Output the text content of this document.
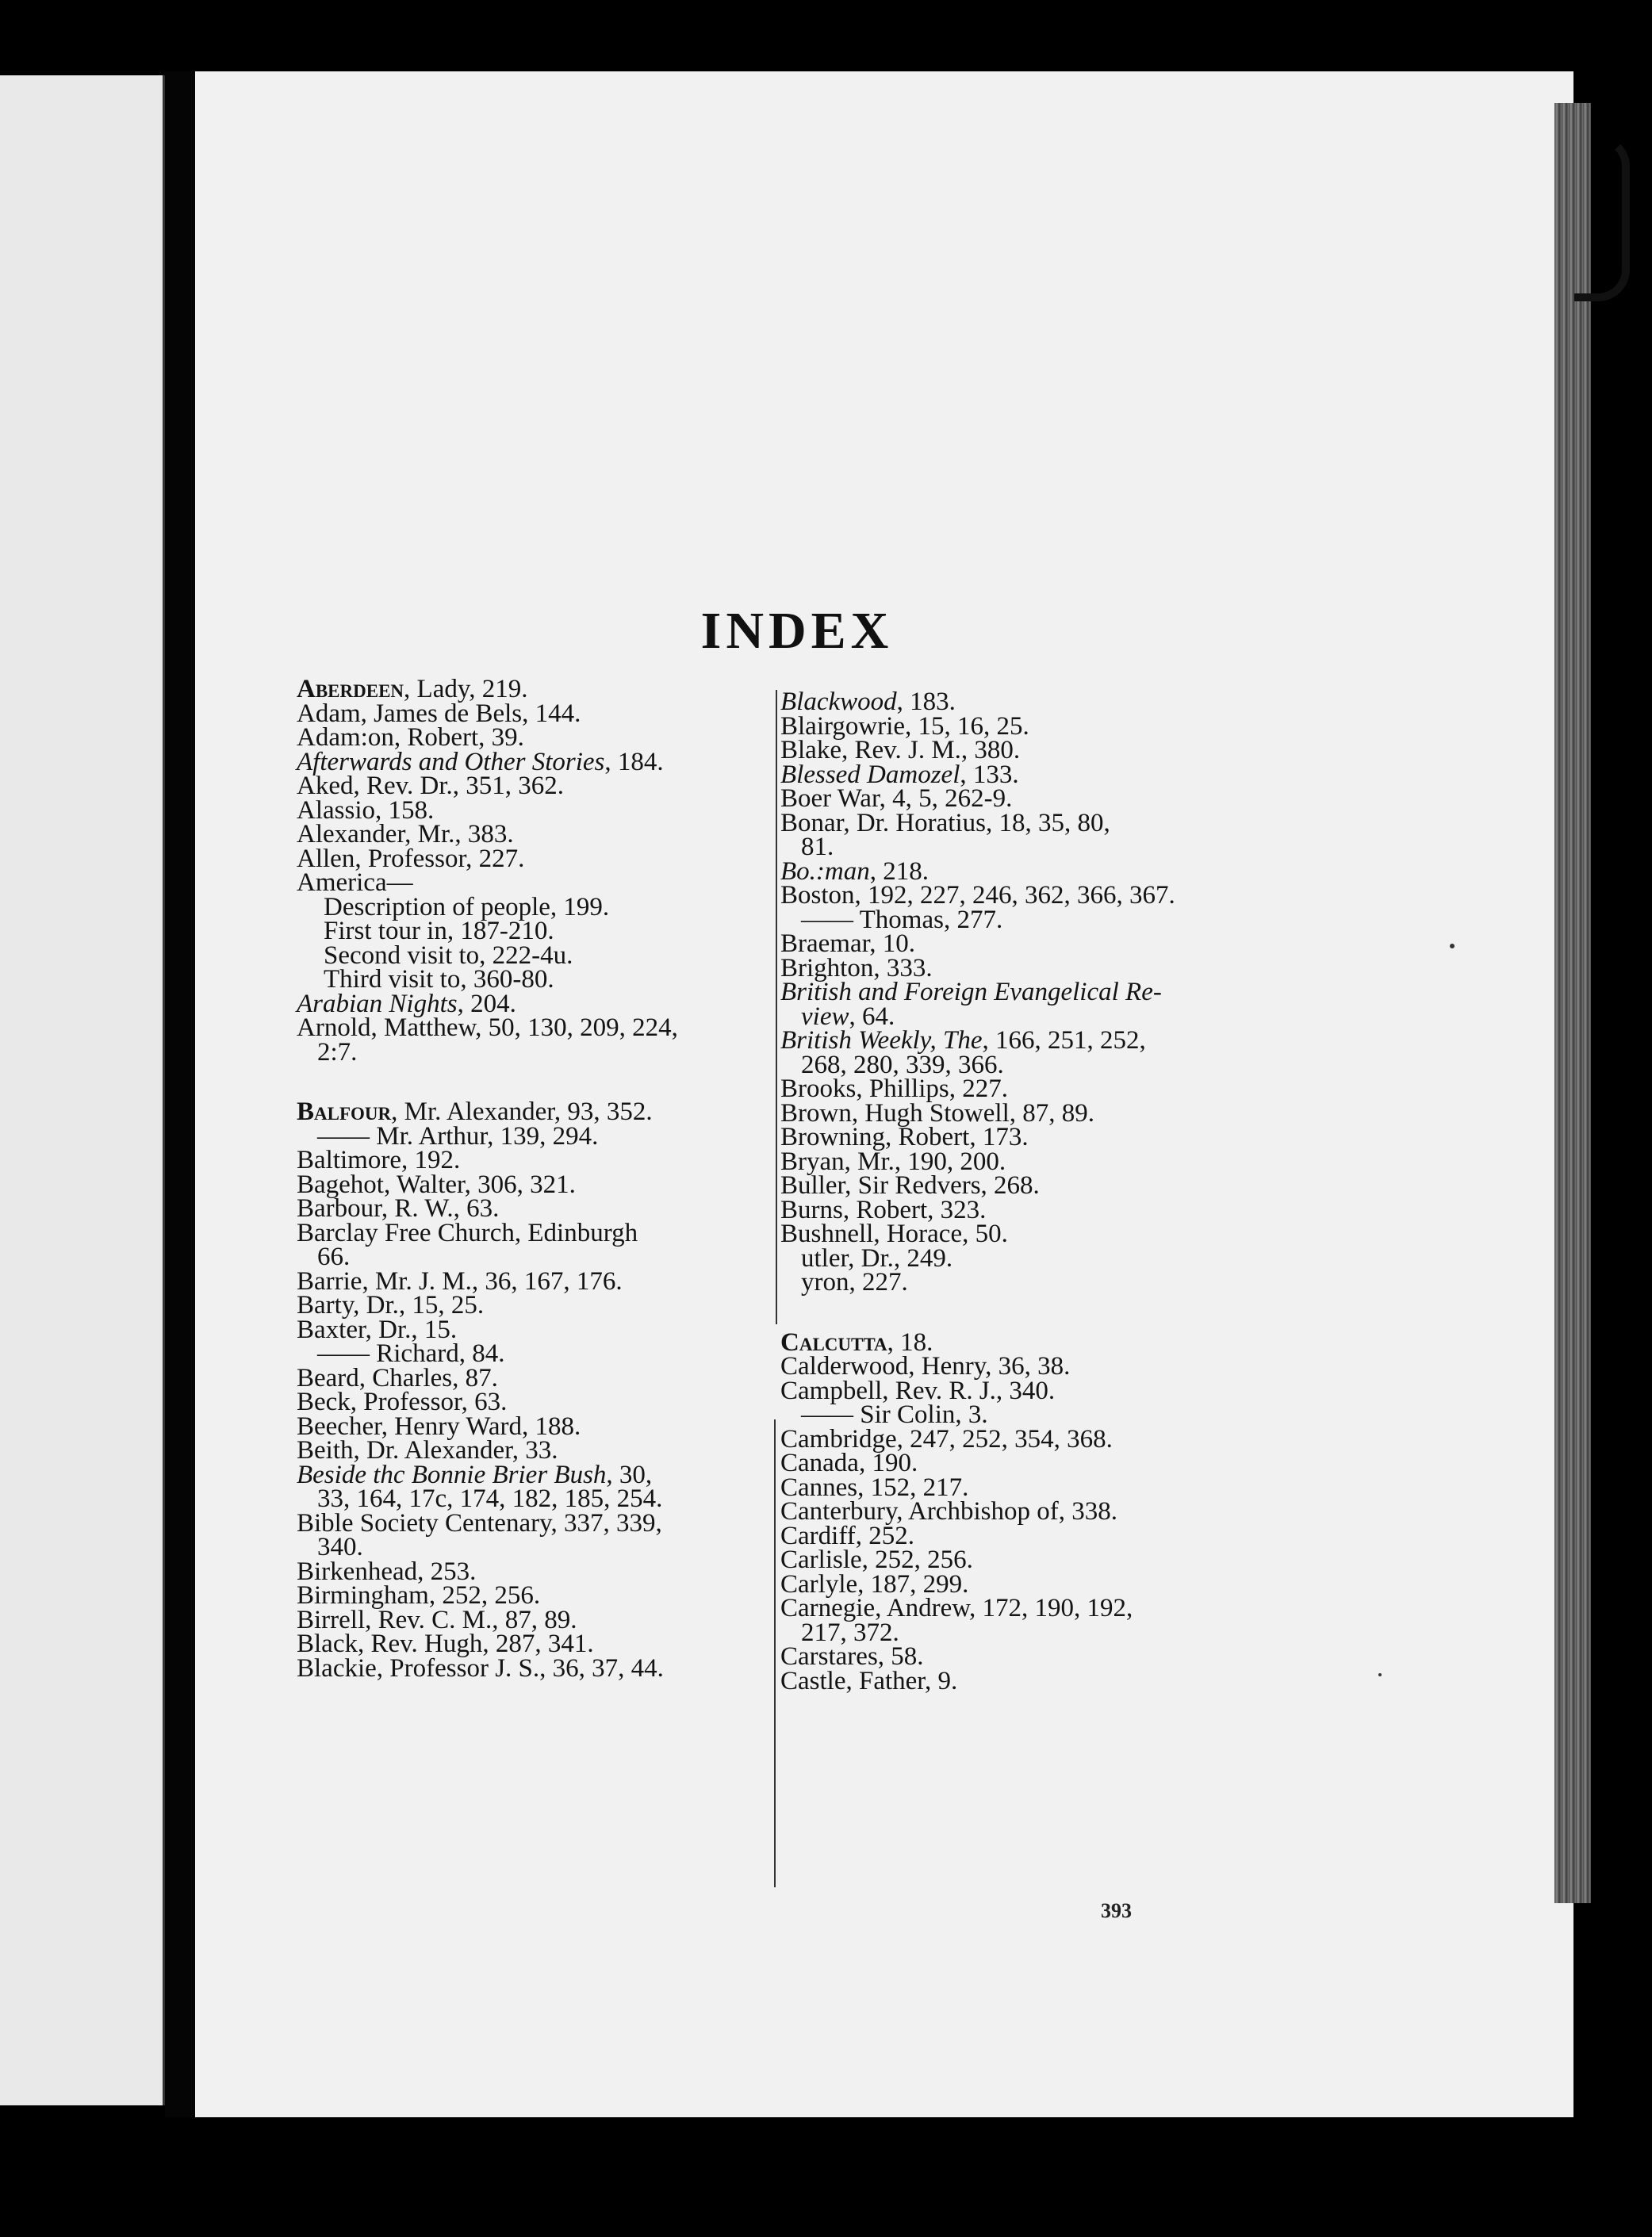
INDEX
Aberdeen, Lady, 219.
Adam, James de Bels, 144.
Adam:on, Robert, 39.
Afterwards and Other Stories, 184.
Aked, Rev. Dr., 351, 362.
Alassio, 158.
Alexander, Mr., 383.
Allen, Professor, 227.
America—
Description of people, 199.
First tour in, 187-210.
Second visit to, 222-4u.
Third visit to, 360-80.
Arabian Nights, 204.
Arnold, Matthew, 50, 130, 209, 224,
2:7.
Balfour, Mr. Alexander, 93, 352.
—— Mr. Arthur, 139, 294.
Baltimore, 192.
Bagehot, Walter, 306, 321.
Barbour, R. W., 63.
Barclay Free Church, Edinburgh
66.
Barrie, Mr. J. M., 36, 167, 176.
Barty, Dr., 15, 25.
Baxter, Dr., 15.
—— Richard, 84.
Beard, Charles, 87.
Beck, Professor, 63.
Beecher, Henry Ward, 188.
Beith, Dr. Alexander, 33.
Beside thc Bonnie Brier Bush, 30,
33, 164, 17c, 174, 182, 185, 254.
Bible Society Centenary, 337, 339,
340.
Birkenhead, 253.
Birmingham, 252, 256.
Birrell, Rev. C. M., 87, 89.
Black, Rev. Hugh, 287, 341.
Blackie, Professor J. S., 36, 37, 44.
Blackwood, 183.
Blairgowrie, 15, 16, 25.
Blake, Rev. J. M., 380.
Blessed Damozel, 133.
Boer War, 4, 5, 262-9.
Bonar, Dr. Horatius, 18, 35, 80,
81.
Bo.:man, 218.
Boston, 192, 227, 246, 362, 366, 367.
—— Thomas, 277.
Braemar, 10.
Brighton, 333.
British and Foreign Evangelical Re-
view, 64.
British Weekly, The, 166, 251, 252,
268, 280, 339, 366.
Brooks, Phillips, 227.
Brown, Hugh Stowell, 87, 89.
Browning, Robert, 173.
Bryan, Mr., 190, 200.
Buller, Sir Redvers, 268.
Burns, Robert, 323.
Bushnell, Horace, 50.
utler, Dr., 249.
yron, 227.
Calcutta, 18.
Calderwood, Henry, 36, 38.
Campbell, Rev. R. J., 340.
—— Sir Colin, 3.
Cambridge, 247, 252, 354, 368.
Canada, 190.
Cannes, 152, 217.
Canterbury, Archbishop of, 338.
Cardiff, 252.
Carlisle, 252, 256.
Carlyle, 187, 299.
Carnegie, Andrew, 172, 190, 192,
217, 372.
Carstares, 58.
Castle, Father, 9.
393
